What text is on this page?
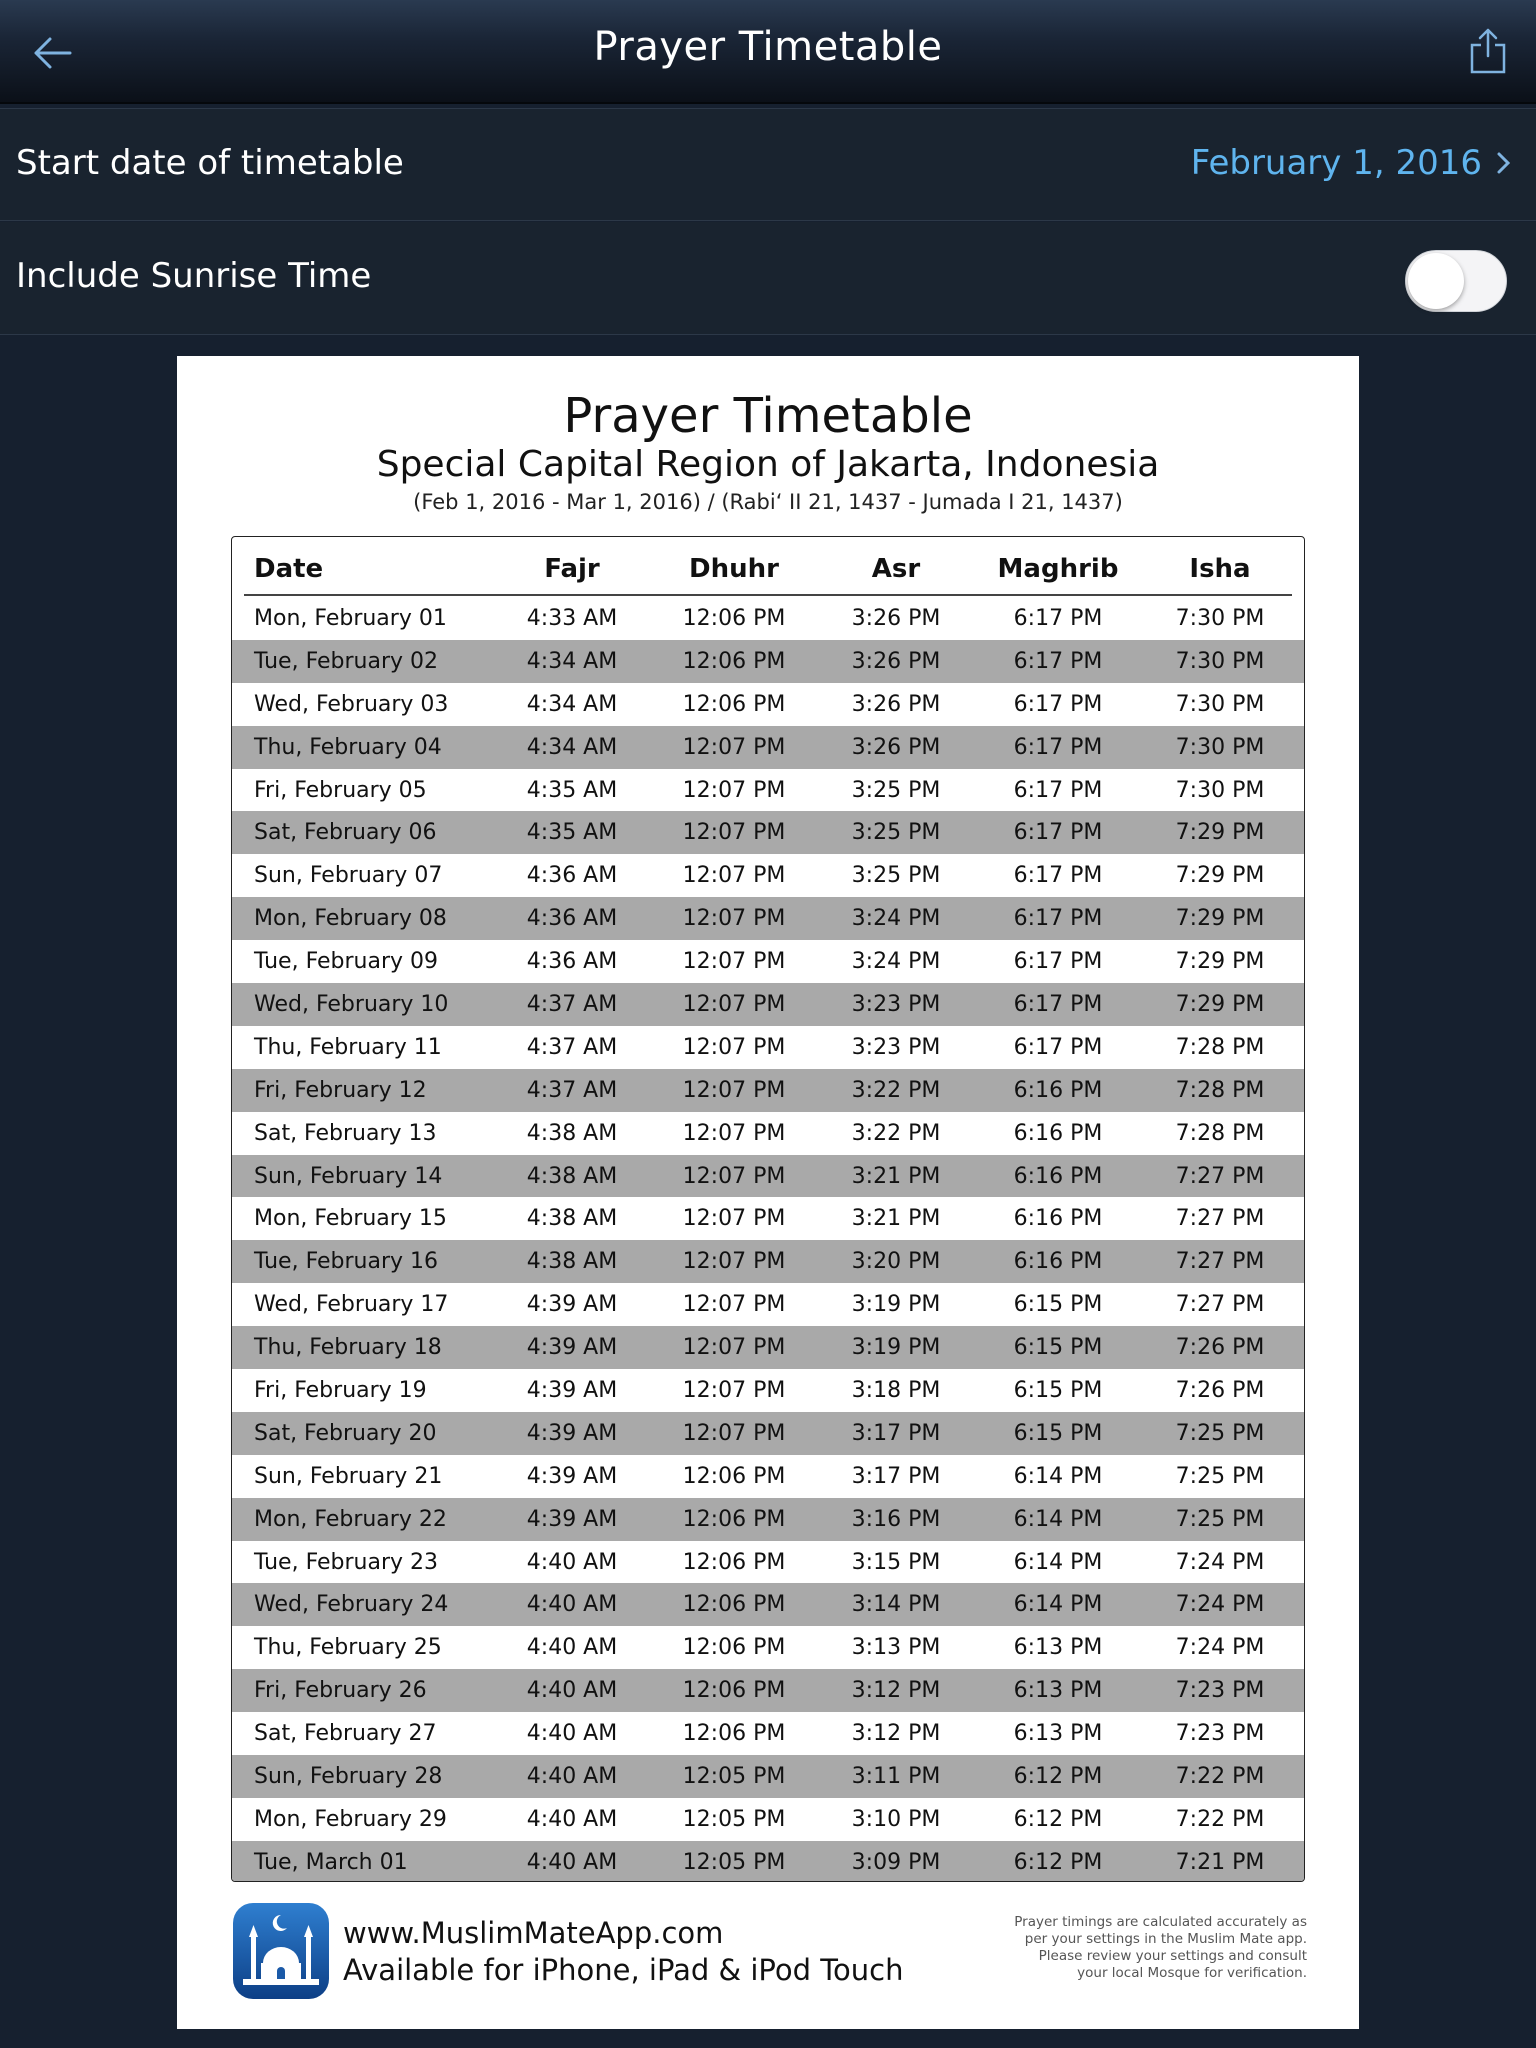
Prayer Timetable
Start date of timetable	February 1, 2016
Include Sunrise Time
Prayer Timetable
Special Capital Region of Jakarta, Indonesia
(Feb 1, 2016 - Mar 1, 2016) / (Rabiʻ II 21, 1437 - Jumada I 21, 1437)
Date	Fajr	Dhuhr	Asr	Maghrib	Isha
Mon, February 01	4:33 AM	12:06 PM	3:26 PM	6:17 PM	7:30 PM
Tue, February 02	4:34 AM	12:06 PM	3:26 PM	6:17 PM	7:30 PM
Wed, February 03	4:34 AM	12:06 PM	3:26 PM	6:17 PM	7:30 PM
Thu, February 04	4:34 AM	12:07 PM	3:26 PM	6:17 PM	7:30 PM
Fri, February 05	4:35 AM	12:07 PM	3:25 PM	6:17 PM	7:30 PM
Sat, February 06	4:35 AM	12:07 PM	3:25 PM	6:17 PM	7:29 PM
Sun, February 07	4:36 AM	12:07 PM	3:25 PM	6:17 PM	7:29 PM
Mon, February 08	4:36 AM	12:07 PM	3:24 PM	6:17 PM	7:29 PM
Tue, February 09	4:36 AM	12:07 PM	3:24 PM	6:17 PM	7:29 PM
Wed, February 10	4:37 AM	12:07 PM	3:23 PM	6:17 PM	7:29 PM
Thu, February 11	4:37 AM	12:07 PM	3:23 PM	6:17 PM	7:28 PM
Fri, February 12	4:37 AM	12:07 PM	3:22 PM	6:16 PM	7:28 PM
Sat, February 13	4:38 AM	12:07 PM	3:22 PM	6:16 PM	7:28 PM
Sun, February 14	4:38 AM	12:07 PM	3:21 PM	6:16 PM	7:27 PM
Mon, February 15	4:38 AM	12:07 PM	3:21 PM	6:16 PM	7:27 PM
Tue, February 16	4:38 AM	12:07 PM	3:20 PM	6:16 PM	7:27 PM
Wed, February 17	4:39 AM	12:07 PM	3:19 PM	6:15 PM	7:27 PM
Thu, February 18	4:39 AM	12:07 PM	3:19 PM	6:15 PM	7:26 PM
Fri, February 19	4:39 AM	12:07 PM	3:18 PM	6:15 PM	7:26 PM
Sat, February 20	4:39 AM	12:07 PM	3:17 PM	6:15 PM	7:25 PM
Sun, February 21	4:39 AM	12:06 PM	3:17 PM	6:14 PM	7:25 PM
Mon, February 22	4:39 AM	12:06 PM	3:16 PM	6:14 PM	7:25 PM
Tue, February 23	4:40 AM	12:06 PM	3:15 PM	6:14 PM	7:24 PM
Wed, February 24	4:40 AM	12:06 PM	3:14 PM	6:14 PM	7:24 PM
Thu, February 25	4:40 AM	12:06 PM	3:13 PM	6:13 PM	7:24 PM
Fri, February 26	4:40 AM	12:06 PM	3:12 PM	6:13 PM	7:23 PM
Sat, February 27	4:40 AM	12:06 PM	3:12 PM	6:13 PM	7:23 PM
Sun, February 28	4:40 AM	12:05 PM	3:11 PM	6:12 PM	7:22 PM
Mon, February 29	4:40 AM	12:05 PM	3:10 PM	6:12 PM	7:22 PM
Tue, March 01	4:40 AM	12:05 PM	3:09 PM	6:12 PM	7:21 PM
www.MuslimMateApp.com
Available for iPhone, iPad & iPod Touch
Prayer timings are calculated accurately as
per your settings in the Muslim Mate app.
Please review your settings and consult
your local Mosque for verification.
